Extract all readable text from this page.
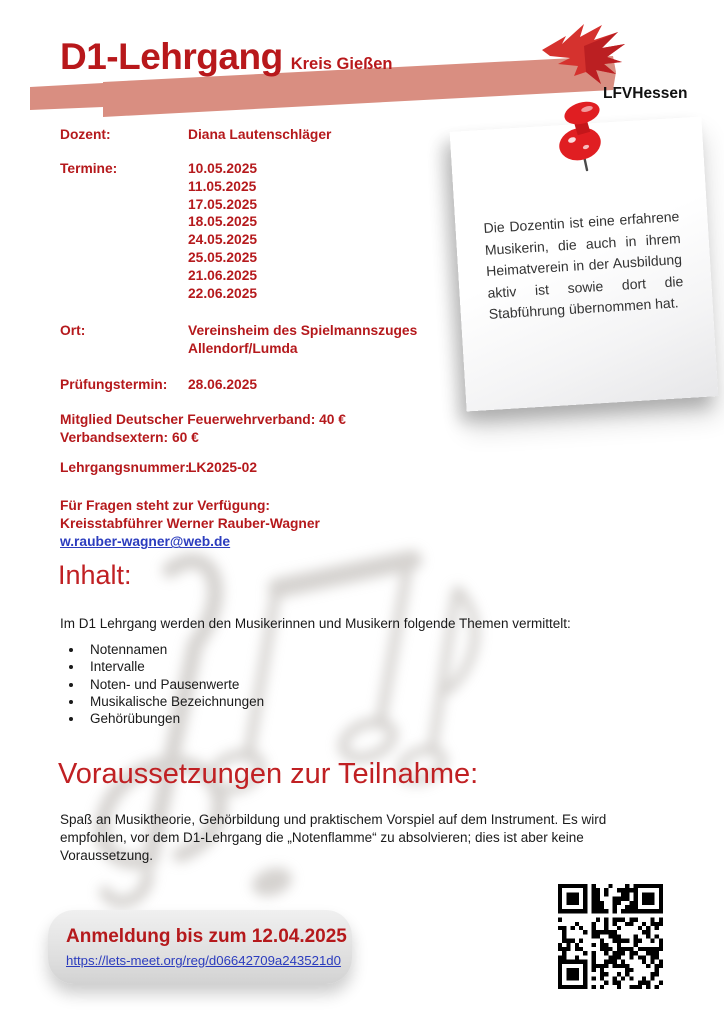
D1-Lehrgang Kreis Gießen
LFVHessen
Die Dozentin ist eine erfahrene Musikerin, die auch in ihrem Heimatverein in der Ausbildung aktiv ist sowie dort die Stabführung übernommen hat.
Dozent:	Diana Lautenschläger
Termine:	10.05.2025
11.05.2025
17.05.2025
18.05.2025
24.05.2025
25.05.2025
21.06.2025
22.06.2025
Ort:	Vereinsheim des Spielmannszuges
Allendorf/Lumda
Prüfungstermin:	28.06.2025
Mitglied Deutscher Feuerwehrverband: 40 €
Verbandsextern: 60 €
Lehrgangsnummer:
LK2025-02
Für Fragen steht zur Verfügung:
Kreisstabführer Werner Rauber-Wagner
w.rauber-wagner@web.de
Inhalt:
Im D1 Lehrgang werden den Musikerinnen und Musikern folgende Themen vermittelt:
• Notennamen
• Intervalle
• Noten- und Pausenwerte
• Musikalische Bezeichnungen
• Gehörübungen
Voraussetzungen zur Teilnahme:
Spaß an Musiktheorie, Gehörbildung und praktischem Vorspiel auf dem Instrument. Es wird empfohlen, vor dem D1-Lehrgang die „Notenflamme“ zu absolvieren; dies ist aber keine Voraussetzung.
Anmeldung bis zum 12.04.2025
https://lets-meet.org/reg/d06642709a243521d0
